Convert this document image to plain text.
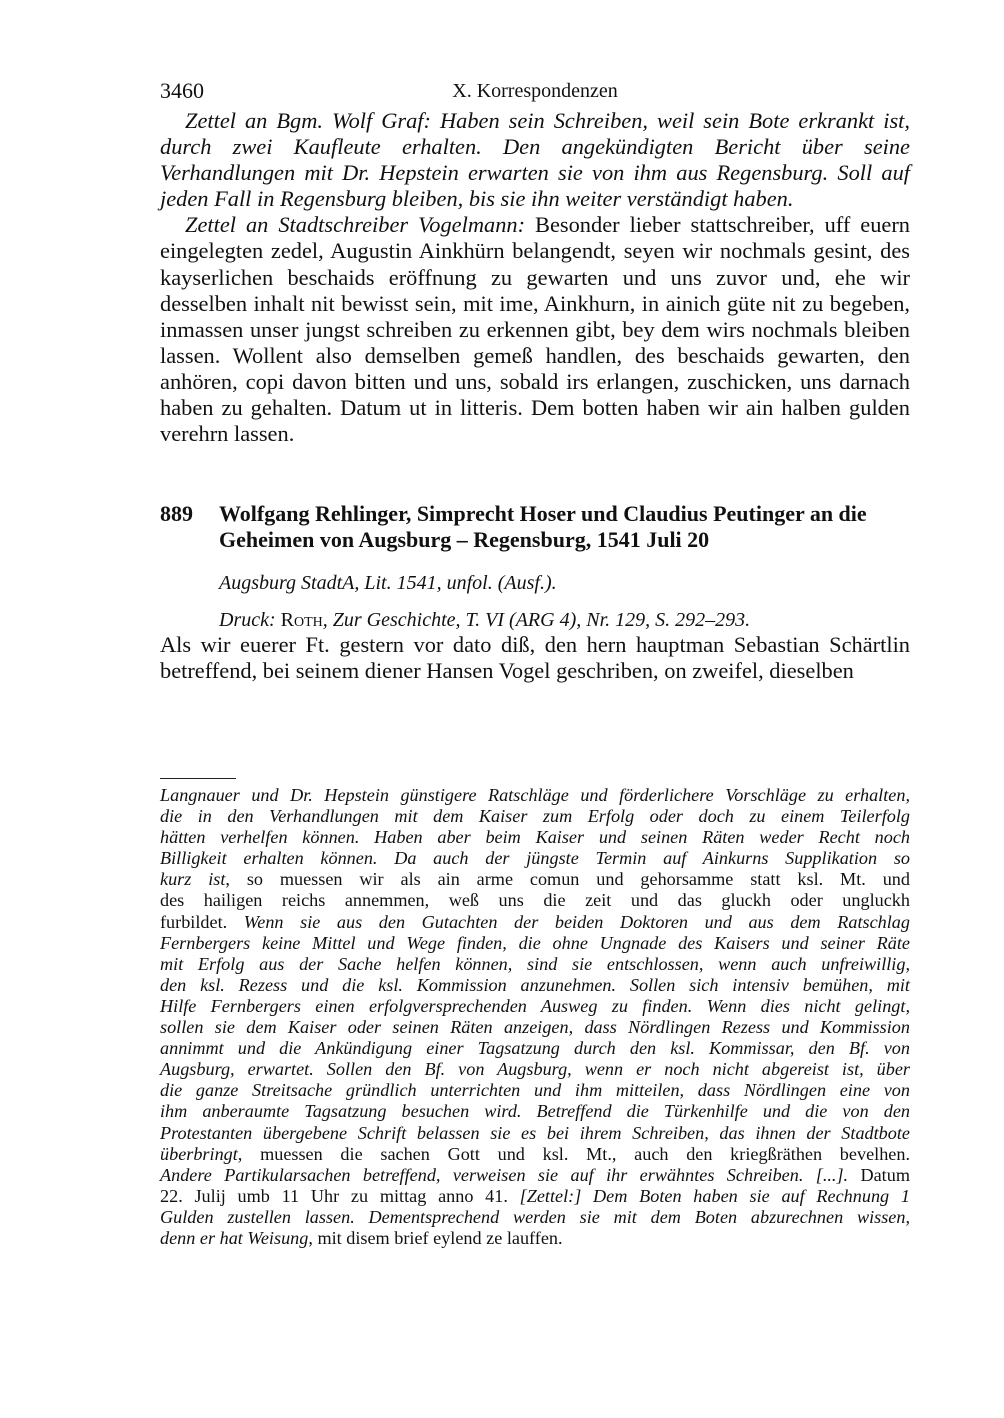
3460	X. Korrespondenzen

Zettel an Bgm. Wolf Graf: Haben sein Schreiben, weil sein Bote erkrankt ist, durch zwei Kaufleute erhalten. Den angekündigten Bericht über seine Verhandlungen mit Dr. Hepstein erwarten sie von ihm aus Regensburg. Soll auf jeden Fall in Regensburg bleiben, bis sie ihn weiter verständigt haben.

Zettel an Stadtschreiber Vogelmann: Besonder lieber stattschreiber, uff euern eingelegten zedel, Augustin Ainkhürn belangendt, seyen wir nochmals gesint, des kayserlichen beschaids eröffnung zu gewarten und uns zuvor und, ehe wir desselben inhalt nit bewisst sein, mit ime, Ainkhurn, in ainich güte nit zu begeben, inmassen unser jungst schreiben zu erkennen gibt, bey dem wirs nochmals bleiben lassen. Wollent also demselben gemeß handlen, des beschaids gewarten, den anhören, copi davon bitten und uns, sobald irs erlangen, zuschicken, uns darnach haben zu gehalten. Datum ut in litteris. Dem botten haben wir ain halben gulden verehrn lassen.

889	Wolfgang Rehlinger, Simprecht Hoser und Claudius Peutinger an die Geheimen von Augsburg – Regensburg, 1541 Juli 20
Augsburg StadtA, Lit. 1541, unfol. (Ausf.).
Druck: Roth, Zur Geschichte, T. VI (ARG 4), Nr. 129, S. 292–293.

Als wir euerer Ft. gestern vor dato diß, den hern hauptman Sebastian Schärtlin betreffend, bei seinem diener Hansen Vogel geschriben, on zweifel, dieselben

Langnauer und Dr. Hepstein günstigere Ratschläge und förderlichere Vorschläge zu erhalten,
die in den Verhandlungen mit dem Kaiser zum Erfolg oder doch zu einem Teilerfolg
hätten verhelfen können. Haben aber beim Kaiser und seinen Räten weder Recht noch
Billigkeit erhalten können. Da auch der jüngste Termin auf Ainkurns Supplikation so
kurz ist, so muessen wir als ain arme comun und gehorsamme statt ksl. Mt. und
des hailigen reichs annemmen, weß uns die zeit und das gluckh oder ungluckh
furbildet. Wenn sie aus den Gutachten der beiden Doktoren und aus dem Ratschlag
Fernbergers keine Mittel und Wege finden, die ohne Ungnade des Kaisers und seiner Räte
mit Erfolg aus der Sache helfen können, sind sie entschlossen, wenn auch unfreiwillig,
den ksl. Rezess und die ksl. Kommission anzunehmen. Sollen sich intensiv bemühen, mit
Hilfe Fernbergers einen erfolgversprechenden Ausweg zu finden. Wenn dies nicht gelingt,
sollen sie dem Kaiser oder seinen Räten anzeigen, dass Nördlingen Rezess und Kommission
annimmt und die Ankündigung einer Tagsatzung durch den ksl. Kommissar, den Bf. von
Augsburg, erwartet. Sollen den Bf. von Augsburg, wenn er noch nicht abgereist ist, über
die ganze Streitsache gründlich unterrichten und ihm mitteilen, dass Nördlingen eine von
ihm anberaumte Tagsatzung besuchen wird. Betreffend die Türkenhilfe und die von den
Protestanten übergebene Schrift belassen sie es bei ihrem Schreiben, das ihnen der Stadtbote
überbringt, muessen die sachen Gott und ksl. Mt., auch den kriegßräthen bevelhen.
Andere Partikularsachen betreffend, verweisen sie auf ihr erwähntes Schreiben. [...]. Datum
22. Julij umb 11 Uhr zu mittag anno 41. [Zettel:] Dem Boten haben sie auf Rechnung 1
Gulden zustellen lassen. Dementsprechend werden sie mit dem Boten abzurechnen wissen,
denn er hat Weisung, mit disem brief eylend ze lauffen.
